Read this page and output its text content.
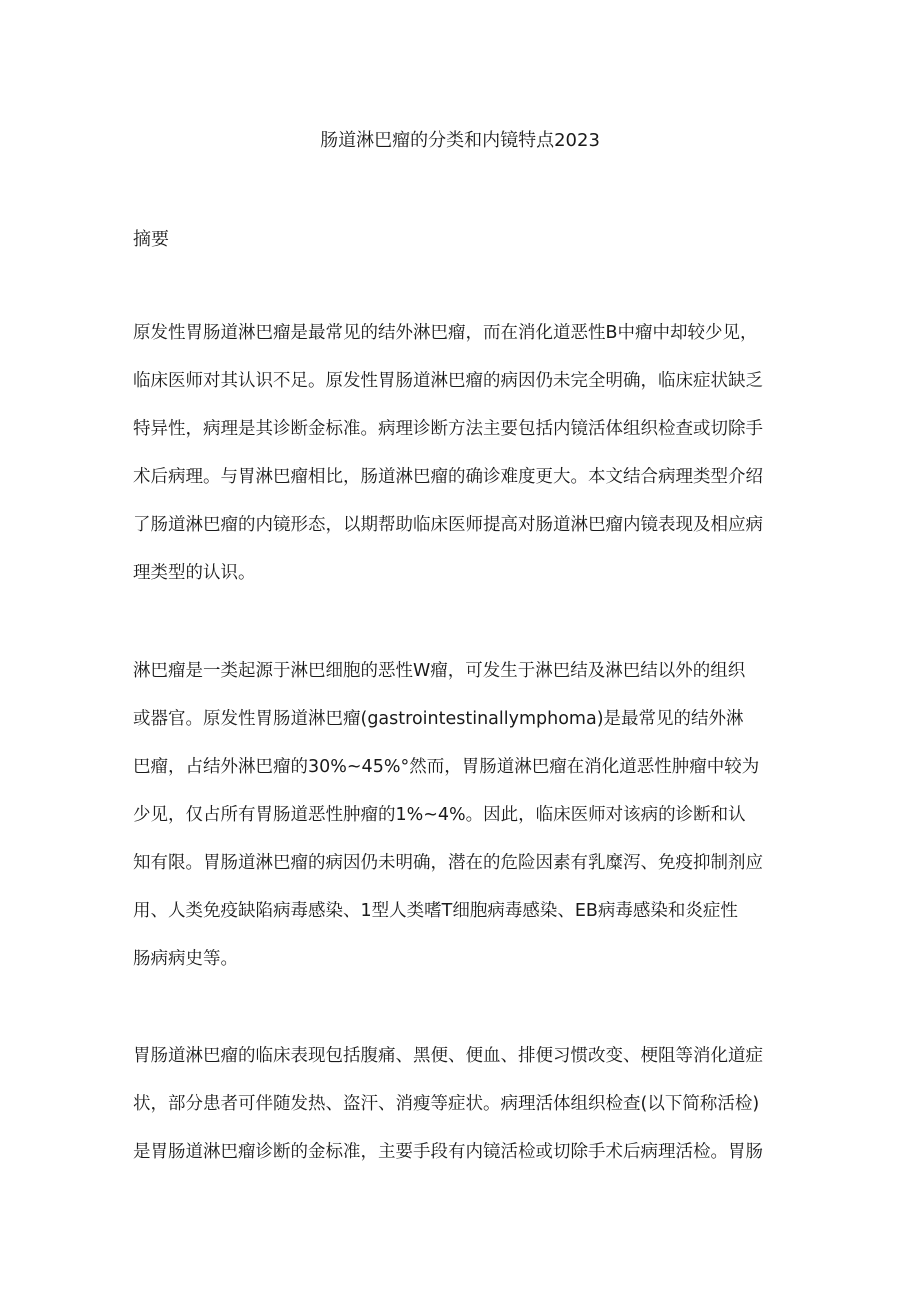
肠道淋巴瘤的分类和内镜特点2023
摘要
原发性胃肠道淋巴瘤是最常见的结外淋巴瘤，而在消化道恶性B中瘤中却较少见，
临床医师对其认识不足。原发性胃肠道淋巴瘤的病因仍未完全明确，临床症状缺乏
特异性，病理是其诊断金标准。病理诊断方法主要包括内镜活体组织检查或切除手
术后病理。与胃淋巴瘤相比，肠道淋巴瘤的确诊难度更大。本文结合病理类型介绍
了肠道淋巴瘤的内镜形态，以期帮助临床医师提高对肠道淋巴瘤内镜表现及相应病
理类型的认识。
淋巴瘤是一类起源于淋巴细胞的恶性W瘤，可发生于淋巴结及淋巴结以外的组织
或器官。原发性胃肠道淋巴瘤(gastrointestinallymphoma)是最常见的结外淋
巴瘤，占结外淋巴瘤的30%~45%°然而，胃肠道淋巴瘤在消化道恶性肿瘤中较为
少见，仅占所有胃肠道恶性肿瘤的1%~4%。因此，临床医师对该病的诊断和认
知有限。胃肠道淋巴瘤的病因仍未明确，潜在的危险因素有乳糜泻、免疫抑制剂应
用、人类免疫缺陷病毒感染、1型人类嗜T细胞病毒感染、EB病毒感染和炎症性
肠病病史等。
胃肠道淋巴瘤的临床表现包括腹痛、黑便、便血、排便习惯改变、梗阻等消化道症
状，部分患者可伴随发热、盗汗、消瘦等症状。病理活体组织检查(以下简称活检)
是胃肠道淋巴瘤诊断的金标准，主要手段有内镜活检或切除手术后病理活检。胃肠
